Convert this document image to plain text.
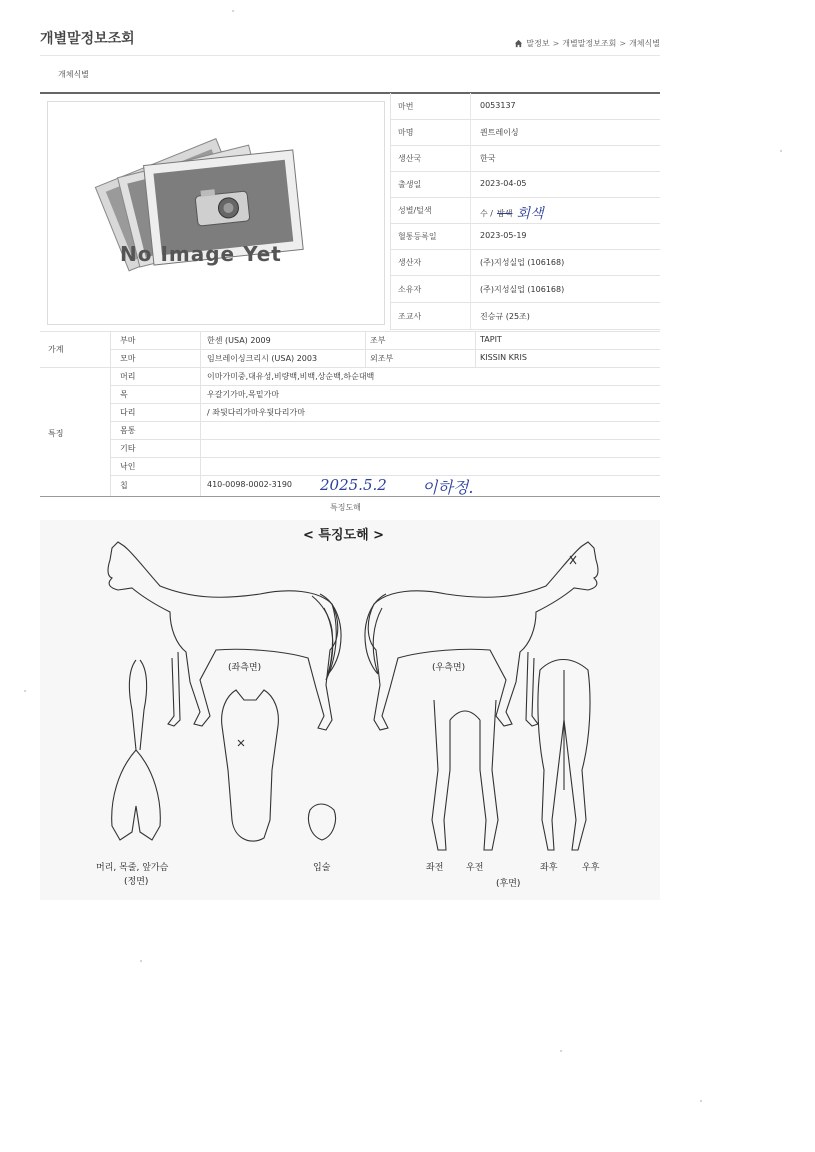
개별말정보조회	말정보 > 개별말정보조회 > 개체식별
개체식별
No Image Yet
마번	0053137
마명	퀀트레이싱
생산국	한국
출생일	2023-04-05
성별/털색	수 / 밤색 회색
혈통등록일	2023-05-19
생산자	(주)지성실업 (106168)
소유자	(주)지성실업 (106168)
조교사	진승규 (25조)
가계
부마	한센 (USA) 2009	조부	TAPIT
모마	임브레이싱크리시 (USA) 2003	외조부	KISSIN KRIS
특징
머리	이마가미중,대유성,비량백,비백,상순백,하순대백
목	우갈기가마,목밑가마
다리	/ 좌뒷다리가마우뒷다리가마
몸통
기타
낙인
칩	410-0098-0002-3190 2025.5.2 이하정.
특징도해
< 특징도해 >
(좌측면)	(우측면)
머리, 목줄, 앞가슴
(정면)
입술	좌전	우전
(후면)
좌후	우후
